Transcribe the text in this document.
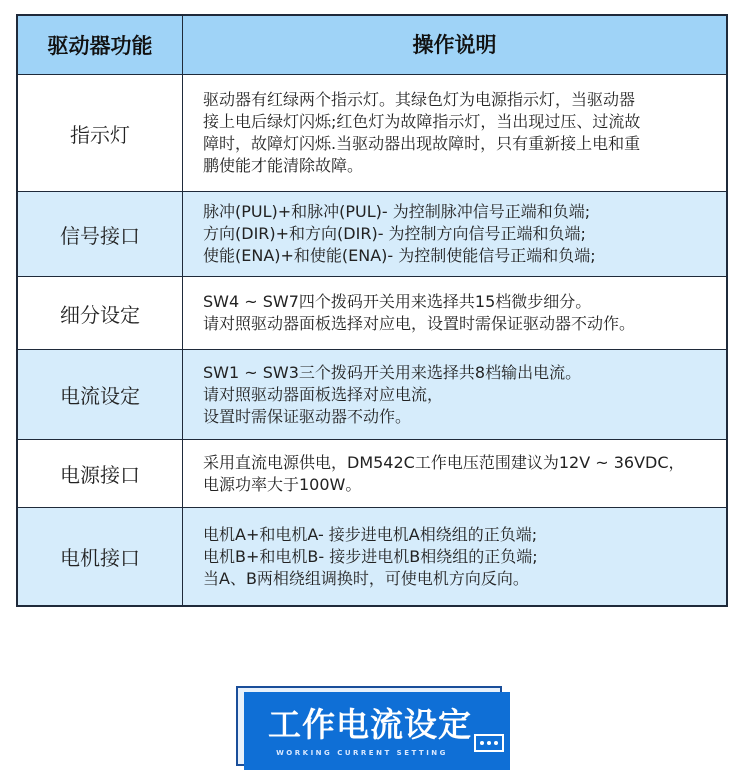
驱动器功能	操作说明
指示灯
驱动器有红绿两个指示灯。其绿色灯为电源指示灯，当驱动器
接上电后绿灯闪烁;红色灯为故障指示灯，当出现过压、过流故
障时，故障灯闪烁.当驱动器出现故障时，只有重新接上电和重
鹏使能才能清除故障。
信号接口
脉冲(PUL)+和脉冲(PUL)- 为控制脉冲信号正端和负端;
方向(DIR)+和方向(DIR)- 为控制方向信号正端和负端;
使能(ENA)+和使能(ENA)- 为控制使能信号正端和负端;
细分设定
SW4 ~ SW7四个拨码开关用来选择共15档微步细分。
请对照驱动器面板选择对应电，设置时需保证驱动器不动作。
电流设定
SW1 ~ SW3三个拨码开关用来选择共8档输出电流。
请对照驱动器面板选择对应电流，
设置时需保证驱动器不动作。
电源接口
采用直流电源供电，DM542C工作电压范围建议为12V ~ 36VDC，
电源功率大于100W。
电机接口
电机A+和电机A- 接步进电机A相绕组的正负端;
电机B+和电机B- 接步进电机B相绕组的正负端;
当A、B两相绕组调换时，可使电机方向反向。
工作电流设定
WORKING CURRENT SETTING
